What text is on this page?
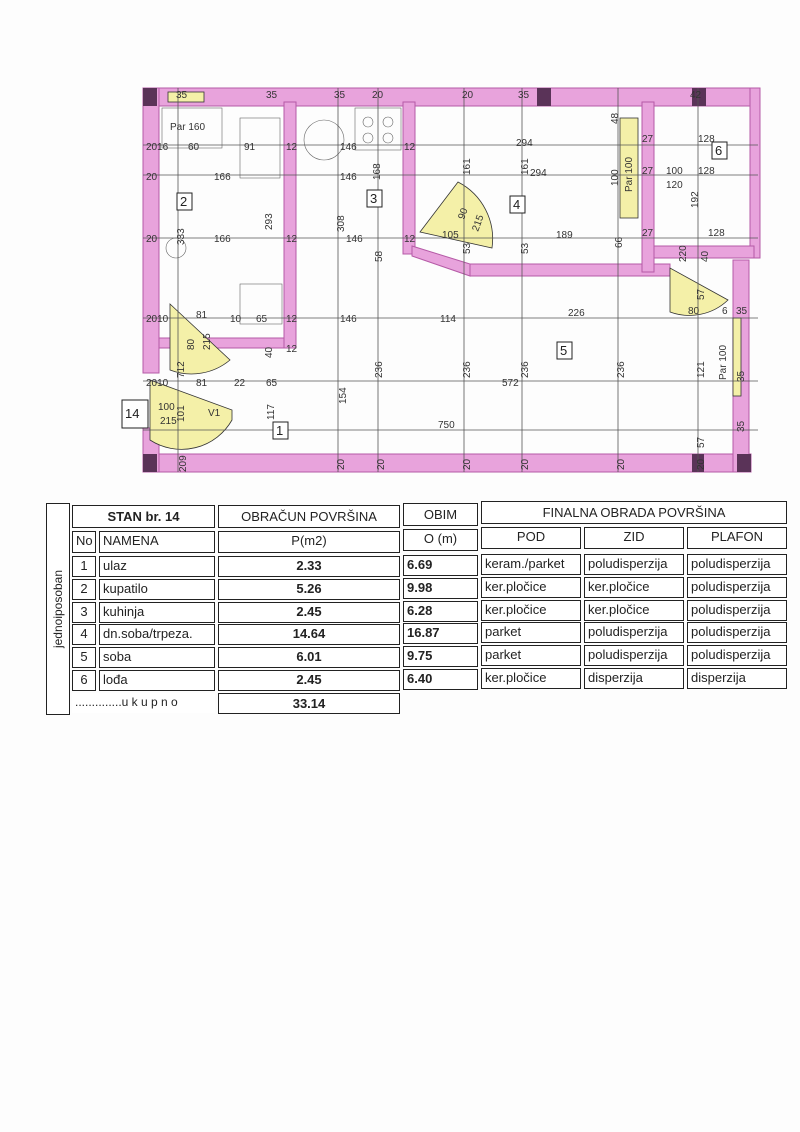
2	3	4
5
6
1
14	V1
Par 160
Par 100
Par 100
35	35	35	20	20	35	42
2016 60	91	12	146	12	294	27	128
20	166	146 168	161	161 294	100	100
27
120
128
48
20 333	166
293
12
308
146	12	105
215
90
53	53
189
66
27	128
192
220 40
2010	81 10 65 12	146	114
226
57
80 6 35
58
712
80 215
40 12
236	236	236	236	121
2010	81	22 65	572
35
100 101
215
117
154
750
57
35
209	20	20	20	20	20	20
jednoiposoban
STAN br. 14	OBRAČUN POVRŠINA	OBIM	FINALNA OBRADA POVRŠINA
No NAMENA	P(m2)	O (m)	POD	ZID	PLAFON
1	ulaz	2.33	6.69	keram./parket	poludisperzija	poludisperzija
2	kupatilo	5.26	9.98	ker.pločice	ker.pločice	poludisperzija
3	kuhinja	2.45	6.28	ker.pločice	ker.pločice	poludisperzija
4	dn.soba/trpeza.	14.64	16.87	parket	poludisperzija	poludisperzija
5	soba	6.01	9.75	parket	poludisperzija	poludisperzija
6	lođa	2.45	6.40	ker.pločice	disperzija	disperzija
..............u k u p n o	33.14
